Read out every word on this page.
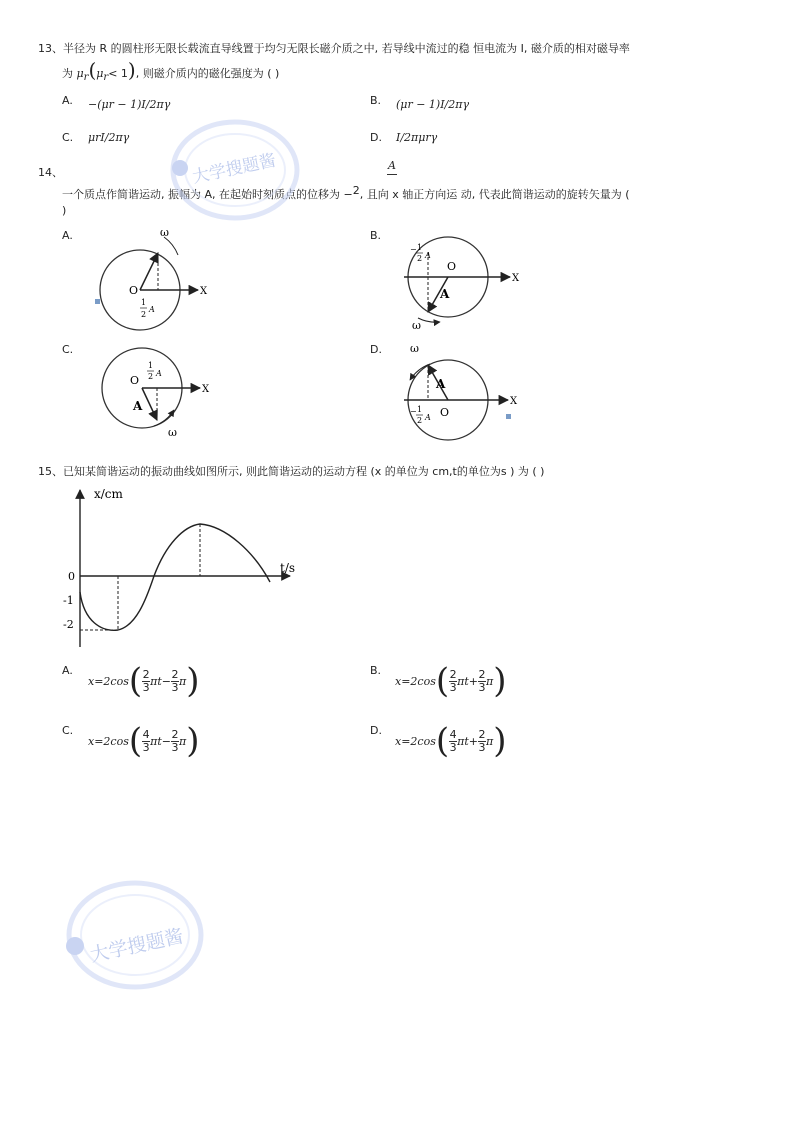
13、半径为 R 的圆柱形无限长载流直导线置于均匀无限长磁介质之中, 若导线中流过的稳 恒电流为 I, 磁介质的相对磁导率
为 $\mu_r(\mu_r< 1)$, 则磁介质内的磁化强度为 ( )
A. −(μr − 1)I/2πγ	B. (μr − 1)I/2πγ
C. μrI/2πγ	D. I/2πμrγ
14、
A
一个质点作简谐运动, 振幅为 A, 在起始时刻质点的位移为 −2, 且向 x 轴正方向运 动, 代表此简谐运动的旋转矢量为 (
)
A.	B.
C.	D.
ω
X
O
1
2
A
− 1
2 A
O
A
X
ω
O
1
2 A
A
X
ω
A
− 1
2 A O
X
ω
15、已知某简谐运动的振动曲线如图所示, 则此简谐运动的运动方程 (x 的单位为 cm,t的单位为s ) 为 ( )
x/cm
t/s
0
-1
-2
A.
x=2cos ( $\frac{2}{3}$ $\pi t - \frac{2}{3}$ π )	B.
x=2cos ( $\frac{2}{3}$ $\pi t + \frac{2}{3}$ π )
C.
x=2cos ( $\frac{4}{3}$ $\pi t - \frac{2}{3}$ π )	D.
x=2cos ( $\frac{4}{3}$ $\pi t + \frac{2}{3}$ π )
大学搜题酱
大学搜题酱
